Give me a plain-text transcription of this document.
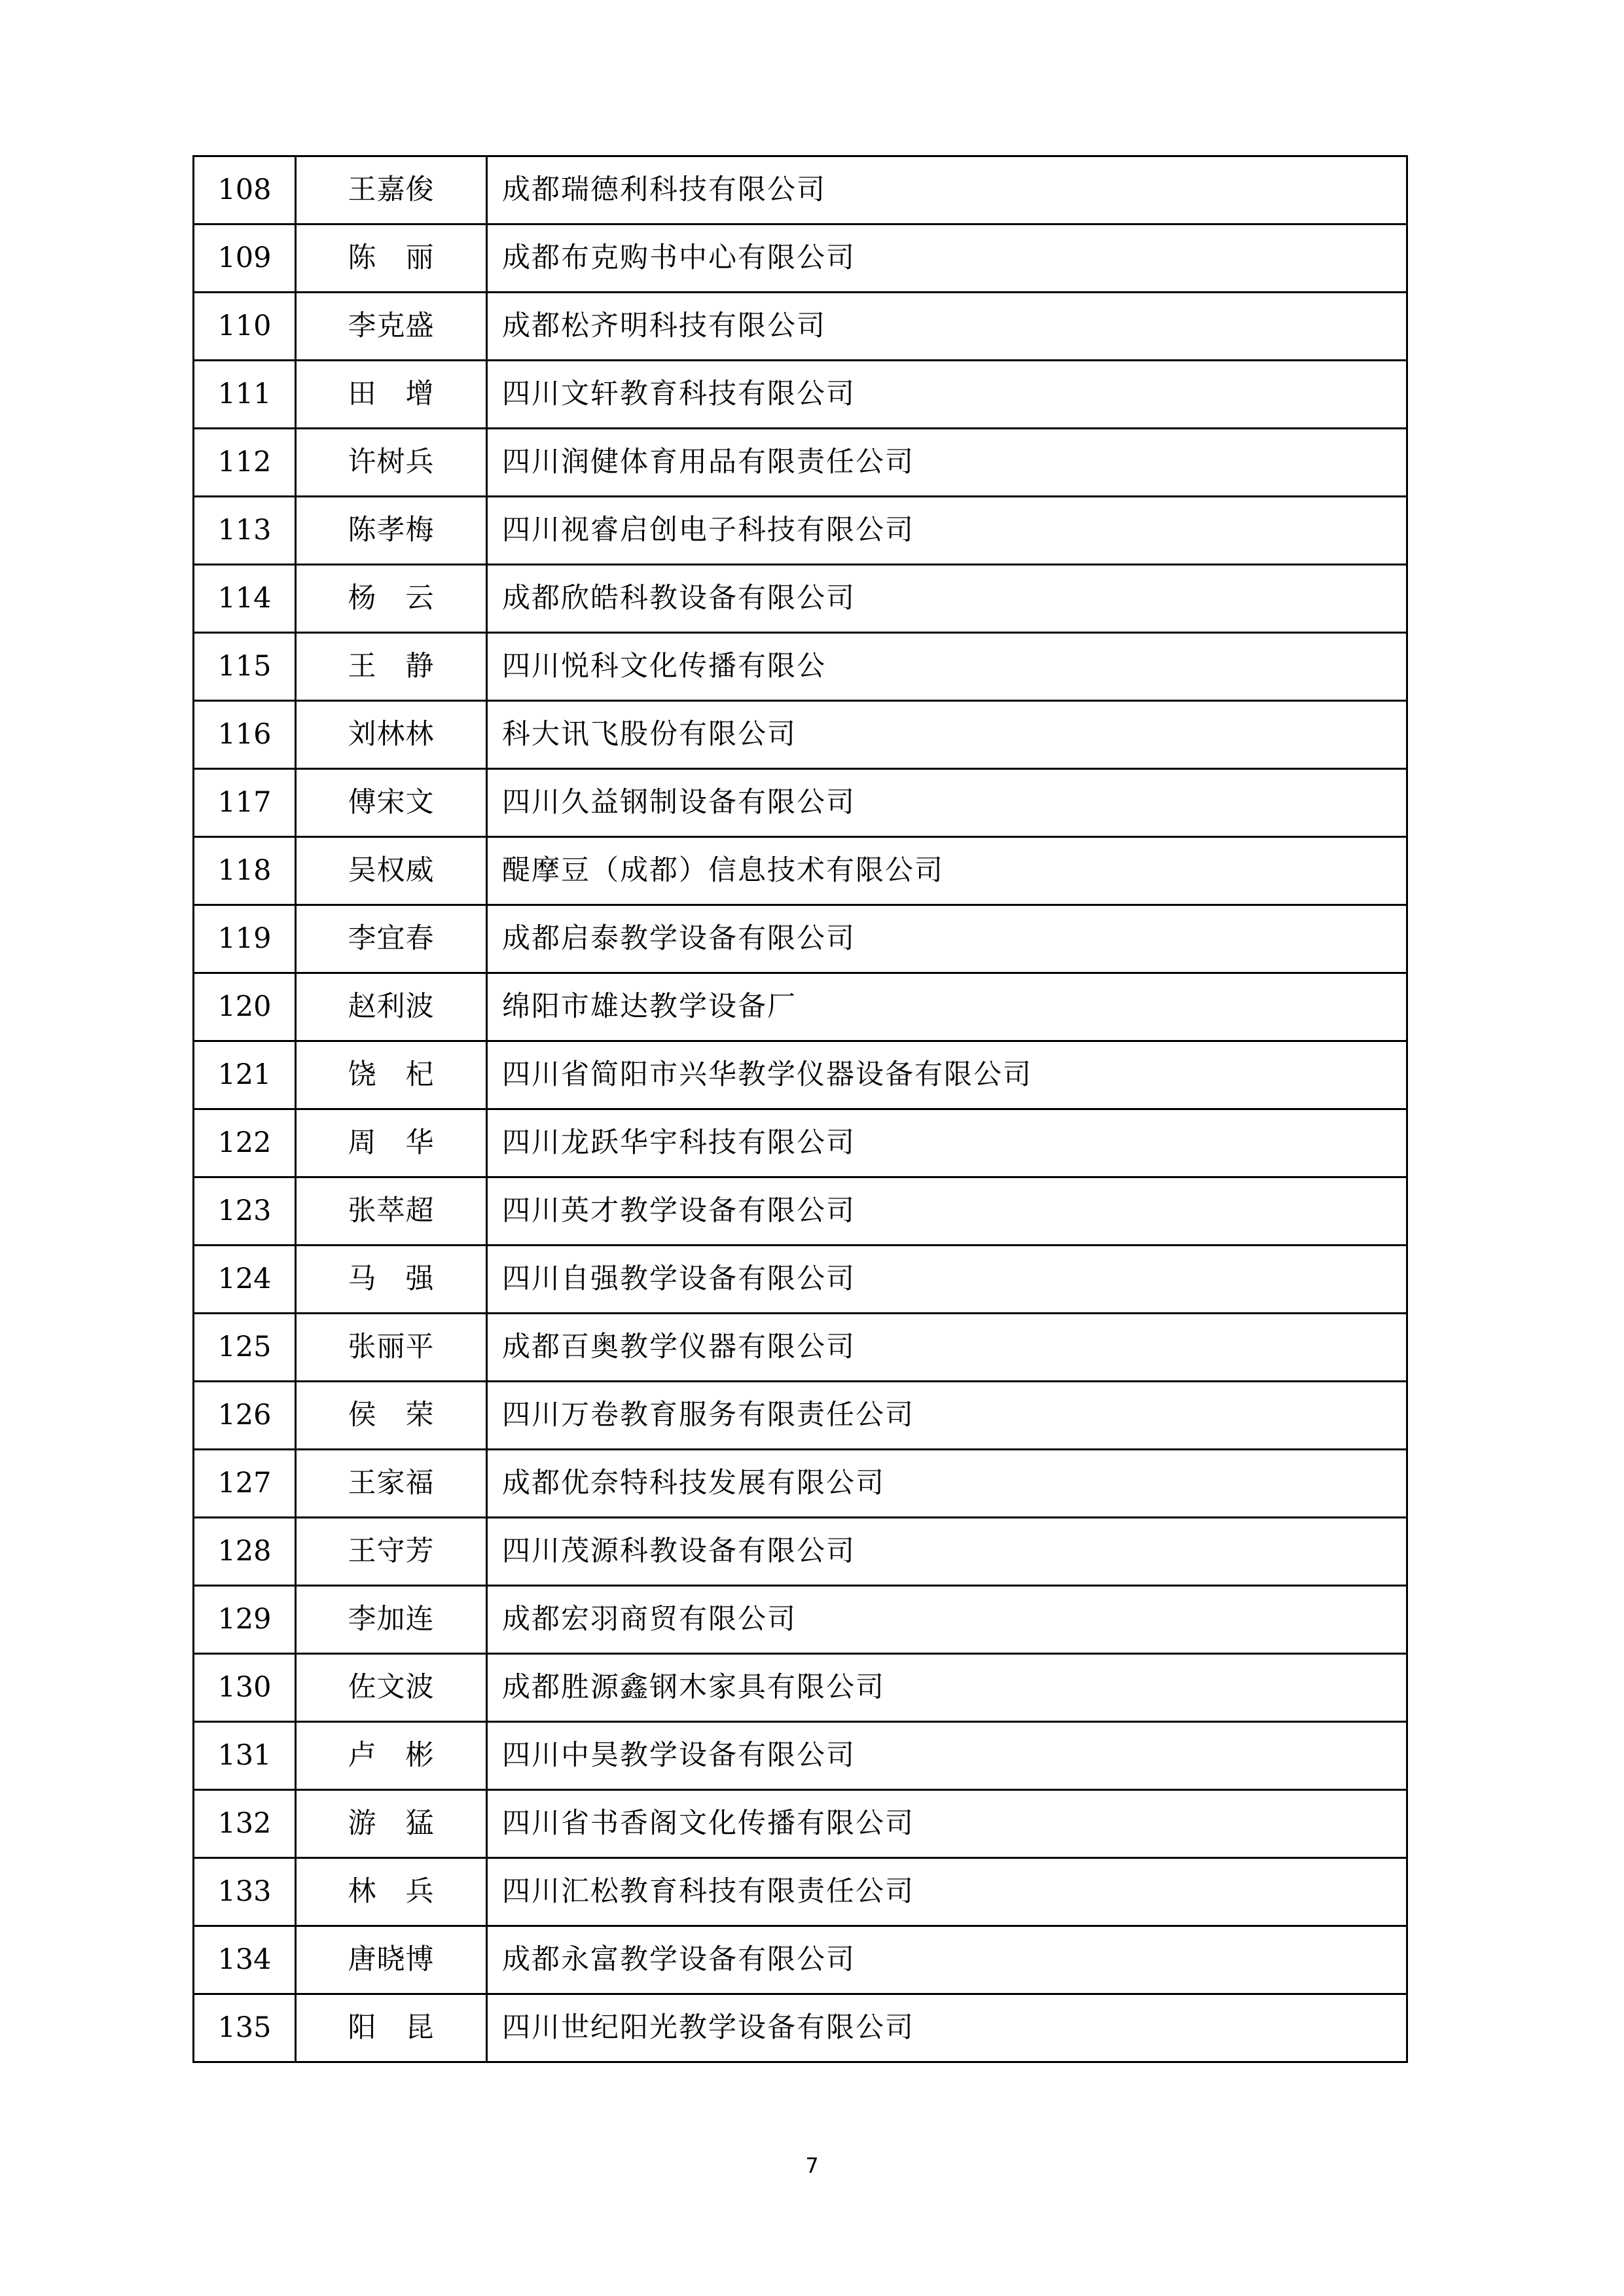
108	王嘉俊	成都瑞德利科技有限公司
109	陈　丽	成都布克购书中心有限公司
110	李克盛	成都松齐明科技有限公司
111	田　增	四川文轩教育科技有限公司
112	许树兵	四川润健体育用品有限责任公司
113	陈孝梅	四川视睿启创电子科技有限公司
114	杨　云	成都欣皓科教设备有限公司
115	王　静	四川悦科文化传播有限公
116	刘林林	科大讯飞股份有限公司
117	傅宋文	四川久益钢制设备有限公司
118	吴权威	醍摩豆（成都）信息技术有限公司
119	李宜春	成都启泰教学设备有限公司
120	赵利波	绵阳市雄达教学设备厂
121	饶　杞	四川省简阳市兴华教学仪器设备有限公司
122	周　华	四川龙跃华宇科技有限公司
123	张萃超	四川英才教学设备有限公司
124	马　强	四川自强教学设备有限公司
125	张丽平	成都百奥教学仪器有限公司
126	侯　荣	四川万卷教育服务有限责任公司
127	王家福	成都优奈特科技发展有限公司
128	王守芳	四川茂源科教设备有限公司
129	李加连	成都宏羽商贸有限公司
130	佐文波	成都胜源鑫钢木家具有限公司
131	卢　彬	四川中昊教学设备有限公司
132	游　猛	四川省书香阁文化传播有限公司
133	林　兵	四川汇松教育科技有限责任公司
134	唐晓博	成都永富教学设备有限公司
135	阳　昆	四川世纪阳光教学设备有限公司
7
